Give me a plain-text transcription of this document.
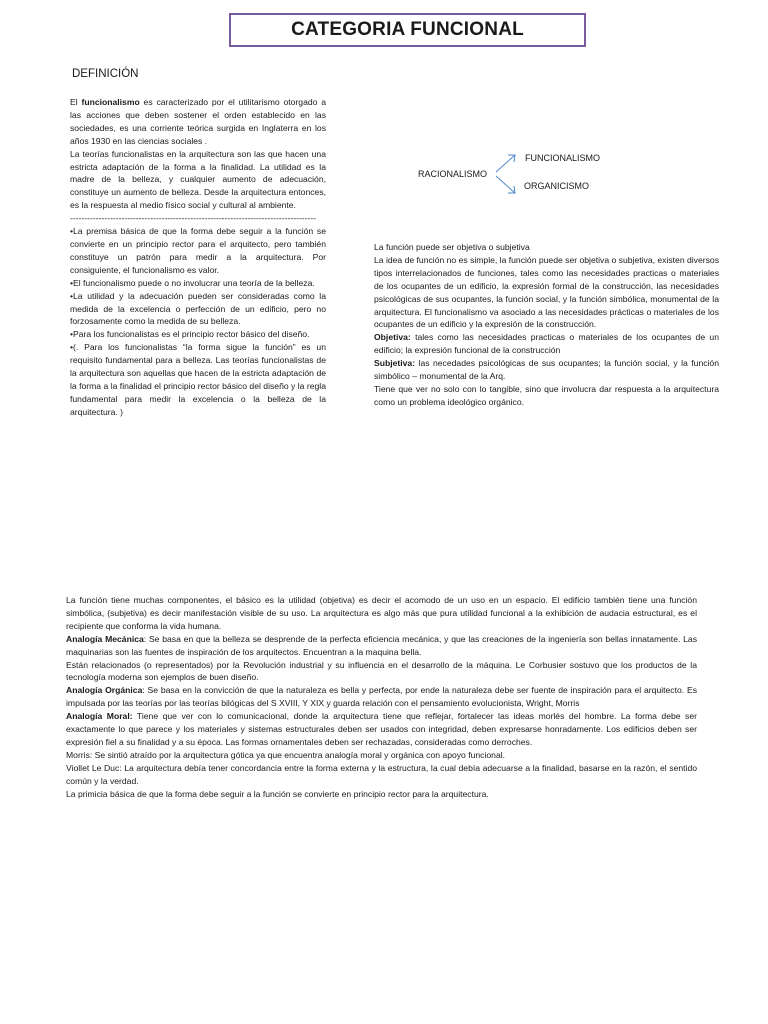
CATEGORIA FUNCIONAL
DEFINICIÓN

El funcionalismo es caracterizado por el utilitarismo otorgado a las acciones que deben sostener el orden establecido en las sociedades, es una corriente teórica surgida en Inglaterra en los años 1930 en las ciencias sociales .

La teorías funcionalistas en la arquitectura son las que hacen una estricta adaptación de la forma a la finalidad. La utilidad es la madre de la belleza, y cualquier aumento de adecuación, constituye un aumento de belleza. Desde la arquitectura entonces, es la respuesta al medio físico social y cultural al ambiente.

--------------------------------------------------------------------------------------

•La premisa básica de que la forma debe seguir a la función se convierte en un principio rector para el arquitecto, pero también constituye un patrón para medir a la arquitectura. Por consiguiente, el funcionalismo es valor.

•El funcionalismo puede o no involucrar una teoría de la belleza.

•La utilidad y la adecuación pueden ser consideradas como la medida de la excelencia o perfección de un edificio, pero no forzosamente como la medida de su belleza.

•Para los funcionalistas es el principio rector básico del diseño.

•(. Para los funcionalistas “la forma sigue la función” es un requisito fundamental para a belleza. Las teorías funcionalistas de la arquitectura son aquellas que hacen de la estricta adaptación de la forma a la finalidad el principio rector básico del diseño y la regla fundamental para medir la excelencia o la belleza de la arquitectura. )

RACIONALISMO
FUNCIONALISMO
ORGANICISMO

La función puede ser objetiva o subjetiva

La idea de función no es simple, la función puede ser objetiva o subjetiva, existen diversos tipos interrelacionados de funciones, tales como las necesidades practicas o materiales de los ocupantes de un edificio, la expresión formal de la construcción, las necesidades psicológicas de sus ocupantes, la función social, y la función simbólica, monumental de la arquitectura. El funcionalismo va asociado a las necesidades prácticas o materiales de los ocupantes de un edificio y la expresión de la construcción.

Objetiva: tales como las necesidades practicas o materiales de los ocupantes de un edificio; la expresión funcional de la construcción

Subjetiva: las necedades psicológicas de sus ocupantes; la función social, y la función simbólico – monumental de la Arq.

Tiene que ver no solo con lo tangible, sino que involucra dar respuesta a la arquitectura como un problema ideológico orgánico.

La función tiene muchas componentes, el básico es la utilidad (objetiva) es decir el acomodo de un uso en un espacio. El edificio también tiene una función simbólica, (subjetiva) es decir manifestación visible de su uso. La arquitectura es algo más que pura utilidad funcional a la exhibición de audacia estructural, es el recipiente que conforma la vida humana.

Analogía Mecánica: Se basa en que la belleza se desprende de la perfecta eficiencia mecánica, y que las creaciones de la ingeniería son bellas innatamente. Las maquinarias son las fuentes de inspiración de los arquitectos. Encuentran a la maquina bella.

Están relacionados (o representados) por la Revolución industrial y su influencia en el desarrollo de la máquina. Le Corbusier sostuvo que los productos de la tecnología moderna son ejemplos de buen diseño.

Analogía Orgánica: Se basa en la convicción de que la naturaleza es bella y perfecta, por ende la naturaleza debe ser fuente de inspiración para el arquitecto. Es impulsada por las teorías por las teorías bilógicas del S XVIII, Y XIX y guarda relación con el pensamiento evolucionista, Wright, Morris

Analogía Moral: Tiene que ver con lo comunicacional, donde la arquitectura tiene que reflejar, fortalecer las ideas morlés del hombre. La forma debe ser exactamente lo que parece y los materiales y sistemas estructurales deben ser usados con integridad, deben expresarse honradamente. Los edificios deben ser expresión fiel a su finalidad y a su época. Las formas ornamentales deben ser rechazadas, consideradas como derroches.

Morris: Se sintió atraído por la arquitectura gótica ya que encuentra analogía moral y orgánica con apoyo funcional.

Viollet Le Duc: La arquitectura debía tener concordancia entre la forma externa y la estructura, la cual debía adecuarse a la finalidad, basarse en la razón, el sentido común y la verdad.

La primicia básica de que la forma debe seguir a la función se convierte en principio rector para la arquitectura.
